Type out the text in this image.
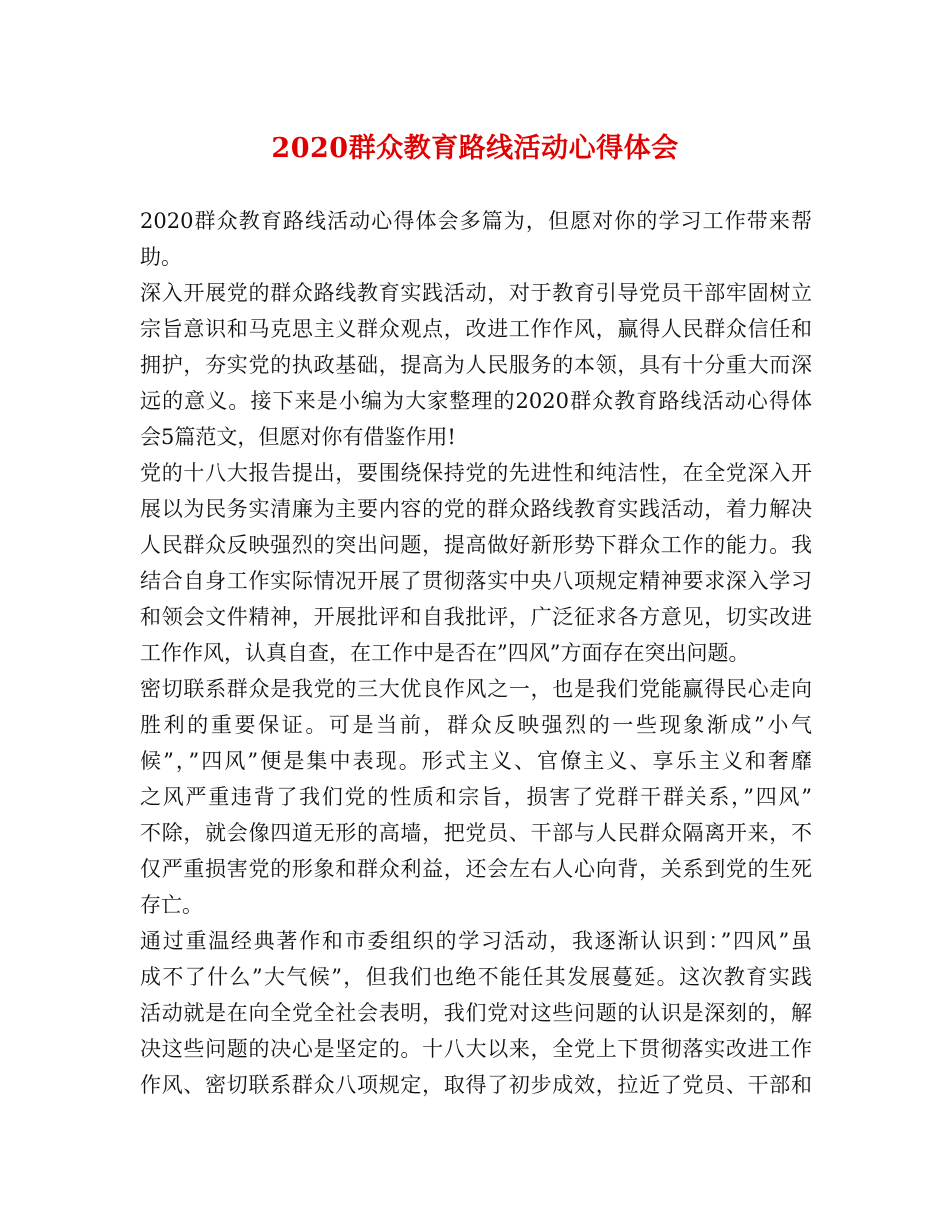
2020群众教育路线活动心得体会
2020群众教育路线活动心得体会多篇为，但愿对你的学习工作带来帮
助。
深入开展党的群众路线教育实践活动，对于教育引导党员干部牢固树立
宗旨意识和马克思主义群众观点，改进工作作风，赢得人民群众信任和
拥护，夯实党的执政基础，提高为人民服务的本领，具有十分重大而深
远的意义。接下来是小编为大家整理的2020群众教育路线活动心得体
会5篇范文，但愿对你有借鉴作用!
党的十八大报告提出，要围绕保持党的先进性和纯洁性，在全党深入开
展以为民务实清廉为主要内容的党的群众路线教育实践活动，着力解决
人民群众反映强烈的突出问题，提高做好新形势下群众工作的能力。我
结合自身工作实际情况开展了贯彻落实中央八项规定精神要求深入学习
和领会文件精神，开展批评和自我批评，广泛征求各方意见，切实改进
工作作风，认真自查，在工作中是否在”四风”方面存在突出问题。
密切联系群众是我党的三大优良作风之一，也是我们党能赢得民心走向
胜利的重要保证。可是当前，群众反映强烈的一些现象渐成”小气
候”，”四风”便是集中表现。形式主义、官僚主义、享乐主义和奢靡
之风严重违背了我们党的性质和宗旨，损害了党群干群关系，”四风”
不除，就会像四道无形的高墙，把党员、干部与人民群众隔离开来，不
仅严重损害党的形象和群众利益，还会左右人心向背，关系到党的生死
存亡。
通过重温经典著作和市委组织的学习活动，我逐渐认识到：”四风”虽
成不了什么”大气候”，但我们也绝不能任其发展蔓延。这次教育实践
活动就是在向全党全社会表明，我们党对这些问题的认识是深刻的，解
决这些问题的决心是坚定的。十八大以来，全党上下贯彻落实改进工作
作风、密切联系群众八项规定，取得了初步成效，拉近了党员、干部和
